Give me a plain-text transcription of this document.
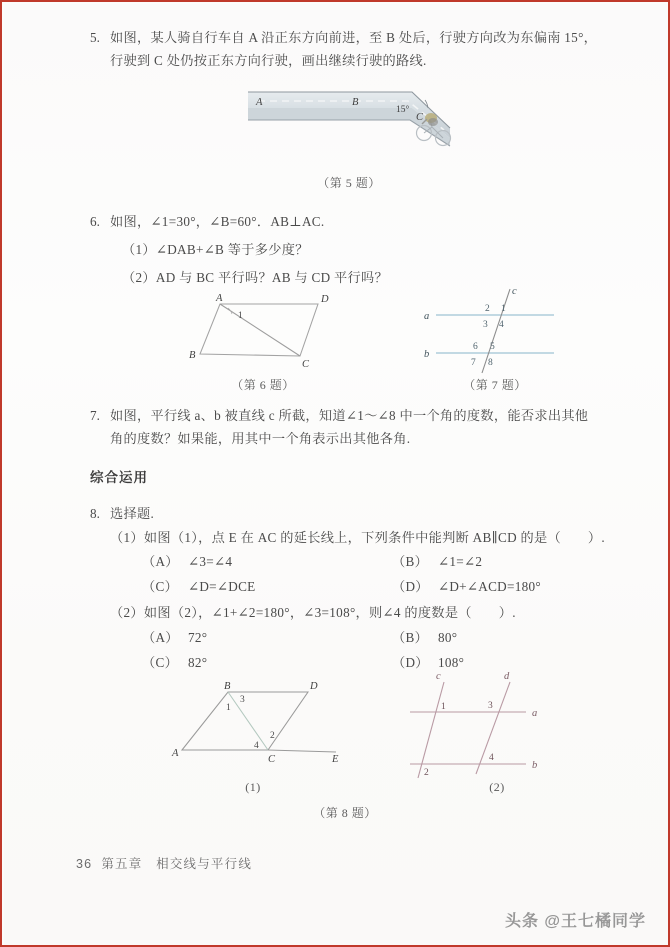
5. 如图，某人骑自行车自 A 沿正东方向前进，至 B 处后，行驶方向改为东偏南 15°，
行驶到 C 处仍按正东方向行驶，画出继续行驶的路线.
A	B
15°
C
（第 5 题）
6. 如图，∠1=30°，∠B=60°．AB⊥AC.
（1）∠DAB+∠B 等于多少度？
（2）AD 与 BC 平行吗？AB 与 CD 平行吗？
A	D
B
C
1
（第 6 题）
a
b
c
2 1
3 4
6 5
7 8
（第 7 题）
7. 如图，平行线 a、b 被直线 c 所截，知道∠1～∠8 中一个角的度数，能否求出其他
角的度数？如果能，用其中一个角表示出其他各角.
综合运用
8. 选择题.
（1）如图（1），点 E 在 AC 的延长线上，下列条件中能判断 AB∥CD 的是（　　）.
（A） ∠3=∠4	（B） ∠1=∠2
（C） ∠D=∠DCE	（D） ∠D+∠ACD=180°
（2）如图（2），∠1+∠2=180°，∠3=108°，则∠4 的度数是（　　）.
（A） 72°	（B） 80°
（C） 82°	（D） 108°
A
B	D
C	E
1
3
2
4
(1)
c	d
a
b
1
2
3
4
(2)
（第 8 题）
36 第五章　相交线与平行线
头条 @王七橘同学
